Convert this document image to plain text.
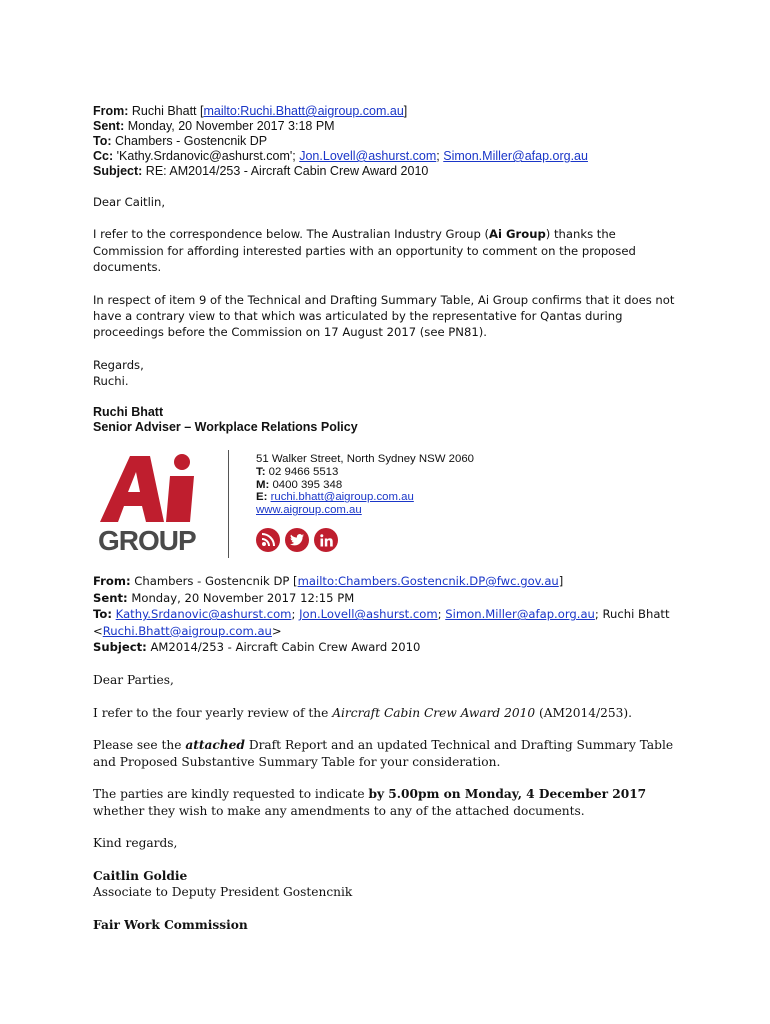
From: Ruchi Bhatt [mailto:Ruchi.Bhatt@aigroup.com.au]
Sent: Monday, 20 November 2017 3:18 PM
To: Chambers - Gostencnik DP
Cc: 'Kathy.Srdanovic@ashurst.com'; Jon.Lovell@ashurst.com; Simon.Miller@afap.org.au
Subject: RE: AM2014/253 - Aircraft Cabin Crew Award 2010

Dear Caitlin,

I refer to the correspondence below. The Australian Industry Group (Ai Group) thanks the Commission for affording interested parties with an opportunity to comment on the proposed documents.

In respect of item 9 of the Technical and Drafting Summary Table, Ai Group confirms that it does not have a contrary view to that which was articulated by the representative for Qantas during proceedings before the Commission on 17 August 2017 (see PN81).

Regards,

Ruchi.

Ruchi Bhatt
Senior Adviser – Workplace Relations Policy
GROUP
51 Walker Street, North Sydney NSW 2060
T: 02 9466 5513
M: 0400 395 348
E: ruchi.bhatt@aigroup.com.au
www.aigroup.com.au
From: Chambers - Gostencnik DP [mailto:Chambers.Gostencnik.DP@fwc.gov.au]
Sent: Monday, 20 November 2017 12:15 PM
To: Kathy.Srdanovic@ashurst.com; Jon.Lovell@ashurst.com; Simon.Miller@afap.org.au; Ruchi Bhatt <Ruchi.Bhatt@aigroup.com.au>
Subject: AM2014/253 - Aircraft Cabin Crew Award 2010

Dear Parties,

I refer to the four yearly review of the Aircraft Cabin Crew Award 2010 (AM2014/253).

Please see the attached Draft Report and an updated Technical and Drafting Summary Table and Proposed Substantive Summary Table for your consideration.

The parties are kindly requested to indicate by 5.00pm on Monday, 4 December 2017 whether they wish to make any amendments to any of the attached documents.

Kind regards,

Caitlin Goldie

Associate to Deputy President Gostencnik

Fair Work Commission
